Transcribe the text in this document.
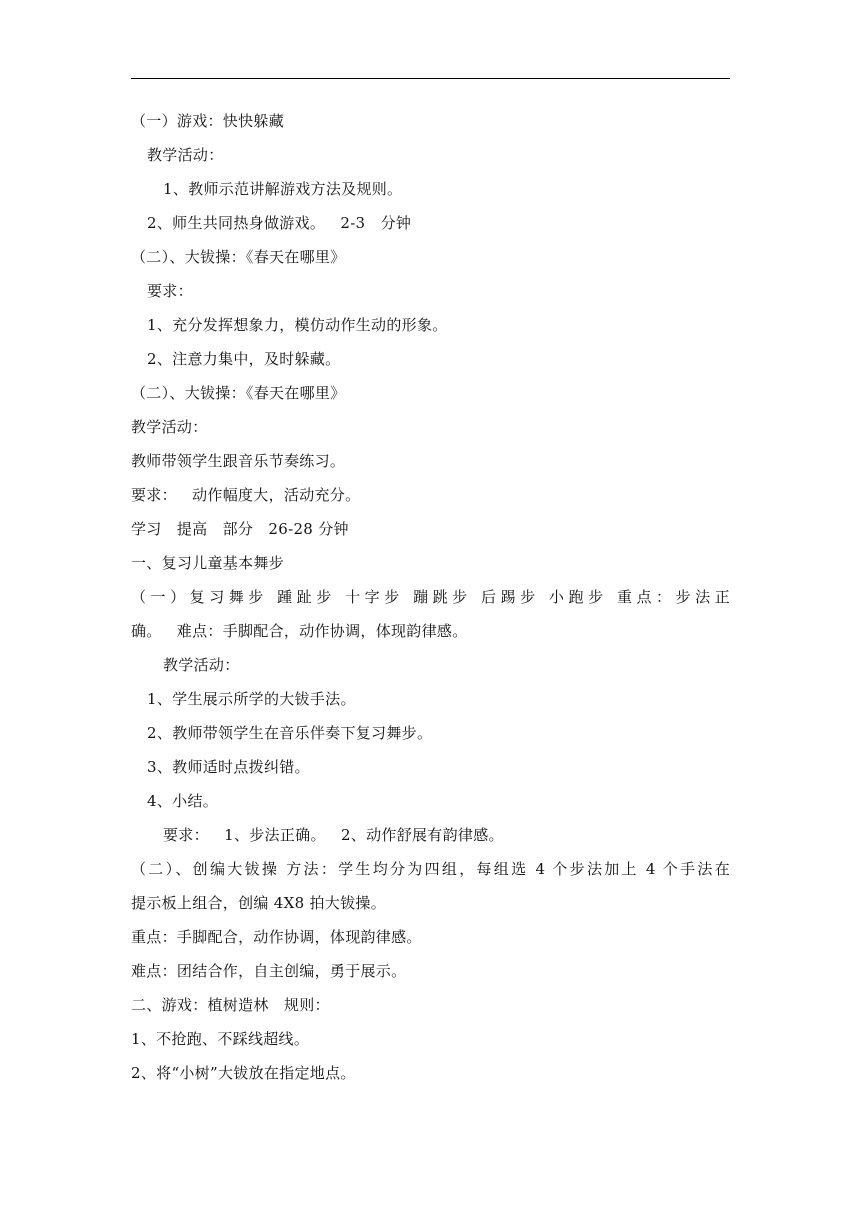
（一）游戏：快快躲藏
教学活动：
1、教师示范讲解游戏方法及规则。
2、师生共同热身做游戏。   2-3   分钟
（二）、大钹操：《春天在哪里》
要求：
1、充分发挥想象力，模仿动作生动的形象。
2、注意力集中，及时躲藏。
（二）、大钹操：《春天在哪里》
教学活动：
教师带领学生跟音乐节奏练习。
要求：   动作幅度大，活动充分。
学习   提高   部分   26-28 分钟
一、复习儿童基本舞步
（一）复习舞步 踵趾步 十字步 蹦跳步 后踢步 小跑步 重点：步法正
确。   难点：手脚配合，动作协调，体现韵律感。
教学活动：
1、学生展示所学的大钹手法。
2、教师带领学生在音乐伴奏下复习舞步。
3、教师适时点拨纠错。
4、小结。
要求：   1、步法正确。   2、动作舒展有韵律感。
（二）、创编大钹操 方法：学生均分为四组，每组选 4 个步法加上 4 个手法在
提示板上组合，创编 4X8 拍大钹操。
重点：手脚配合，动作协调，体现韵律感。
难点：团结合作，自主创编，勇于展示。
二、游戏：植树造林   规则：
1、不抢跑、不踩线超线。
2、将“小树”大钹放在指定地点。
